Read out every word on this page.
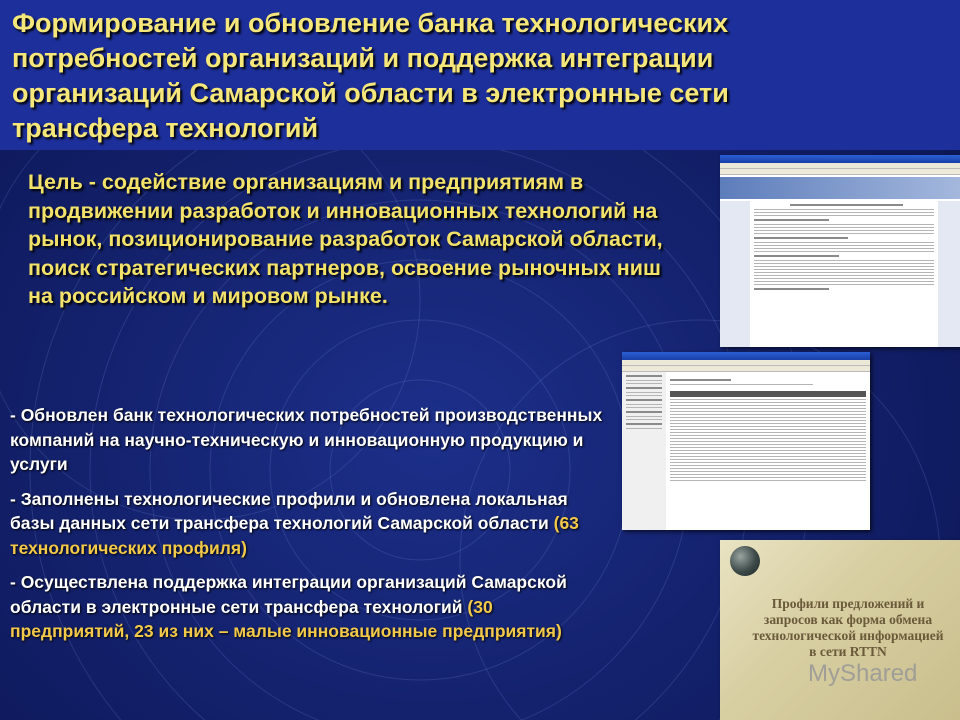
Формирование и обновление банка технологических потребностей организаций и поддержка интеграции организаций Самарской области в электронные сети трансфера технологий
Цель - содействие организациям и предприятиям в продвижении разработок и инновационных технологий на рынок, позиционирование разработок Самарской области, поиск стратегических партнеров, освоение рыночных ниш на российском и мировом рынке.

- Обновлен банк технологических потребностей производственных компаний на научно-техническую и инновационную продукцию и услуги

- Заполнены технологические профили и обновлена локальная базы данных сети трансфера технологий Самарской области (63 технологических профиля)

- Осуществлена поддержка интеграции организаций Самарской области в электронные сети трансфера технологий (30 предприятий, 23 из них – малые инновационные предприятия)

Профили предложений и запросов как форма обмена технологической информацией в сети RTTN
MyShared
